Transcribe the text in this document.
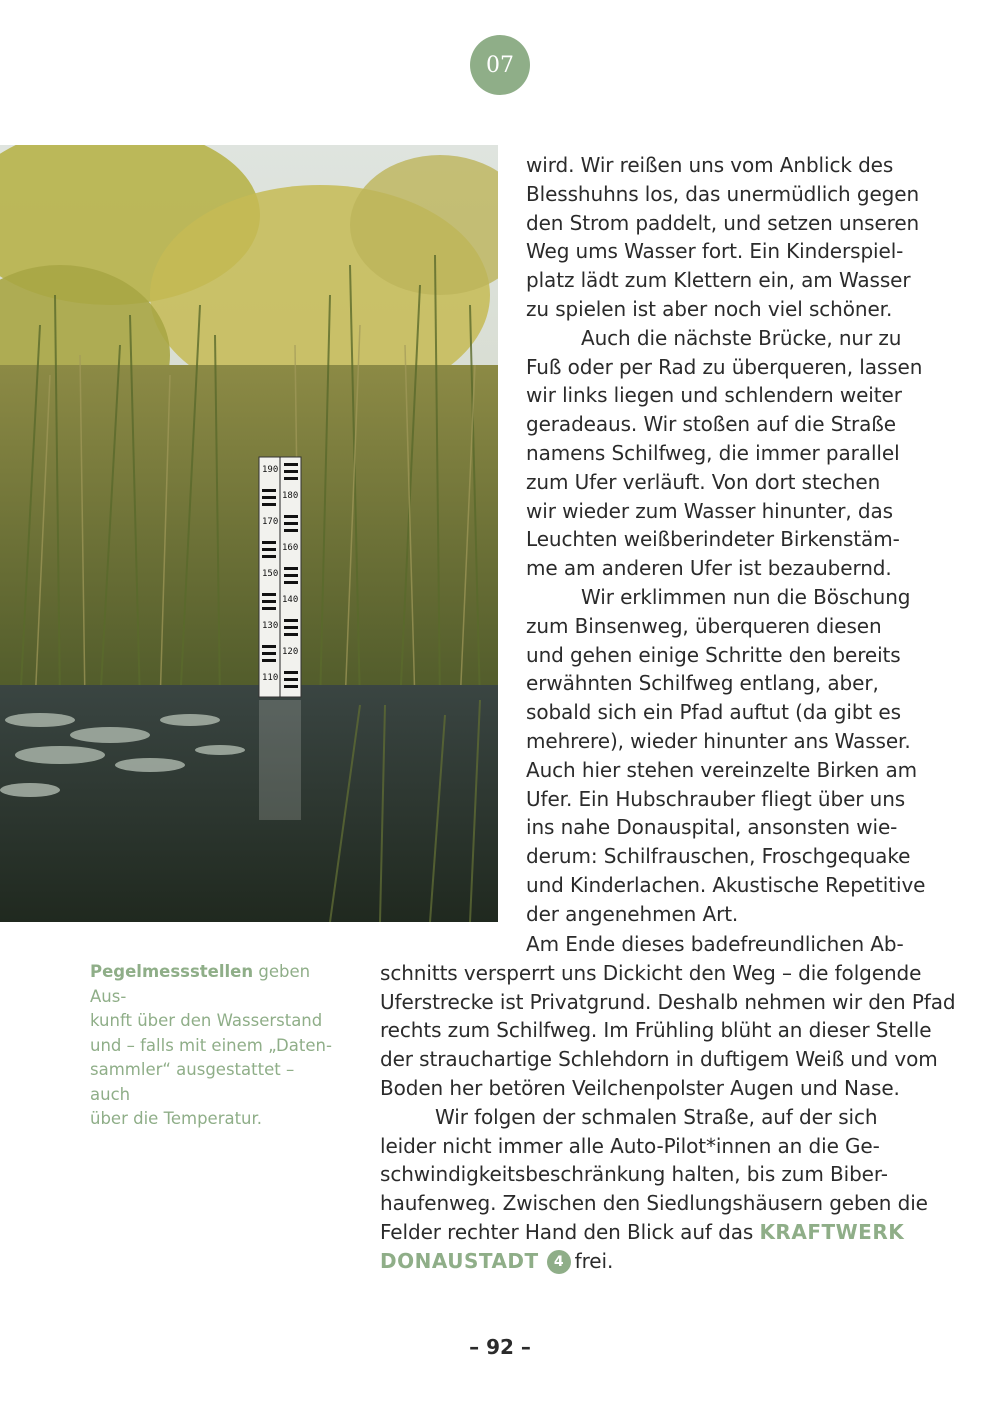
07
190
180
170
160
150
140
130
120
110
Pegelmessstellen geben Aus-
kunft über den Wasserstand
und – falls mit einem „Daten-
sammler“ ausgestattet – auch
über die Temperatur.

wird. Wir reißen uns vom Anblick des
Blesshuhns los, das unermüdlich gegen
den Strom paddelt, und setzen unseren
Weg ums Wasser fort. Ein Kinderspiel-
platz lädt zum Klettern ein, am Wasser
zu spielen ist aber noch viel schöner.

Auch die nächste Brücke, nur zu
Fuß oder per Rad zu überqueren, lassen
wir links liegen und schlendern weiter
geradeaus. Wir stoßen auf die Straße
namens Schilfweg, die immer parallel
zum Ufer verläuft. Von dort stechen
wir wieder zum Wasser hinunter, das
Leuchten weißberindeter Birkenstäm-
me am anderen Ufer ist bezaubernd.

Wir erklimmen nun die Böschung
zum Binsenweg, überqueren diesen
und gehen einige Schritte den bereits
erwähnten Schilfweg entlang, aber,
sobald sich ein Pfad auftut (da gibt es
mehrere), wieder hinunter ans Wasser.
Auch hier stehen vereinzelte Birken am
Ufer. Ein Hubschrauber fliegt über uns
ins nahe Donauspital, ansonsten wie-
derum: Schilfrauschen, Froschgequake
und Kinderlachen. Akustische Repetitive
der angenehmen Art.

Am Ende dieses badefreundlichen Ab-
schnitts versperrt uns Dickicht den Weg – die folgende
Uferstrecke ist Privatgrund. Deshalb nehmen wir den Pfad
rechts zum Schilfweg. Im Frühling blüht an dieser Stelle
der strauchartige Schlehdorn in duftigem Weiß und vom
Boden her betören Veilchenpolster Augen und Nase.

Wir folgen der schmalen Straße, auf der sich
leider nicht immer alle Auto-Pilot*innen an die Ge-
schwindigkeitsbeschränkung halten, bis zum Biber-
haufenweg. Zwischen den Siedlungshäusern geben die
Felder rechter Hand den Blick auf das KRAFTWERK
DONAUSTADT 4 frei.

– 92 –
